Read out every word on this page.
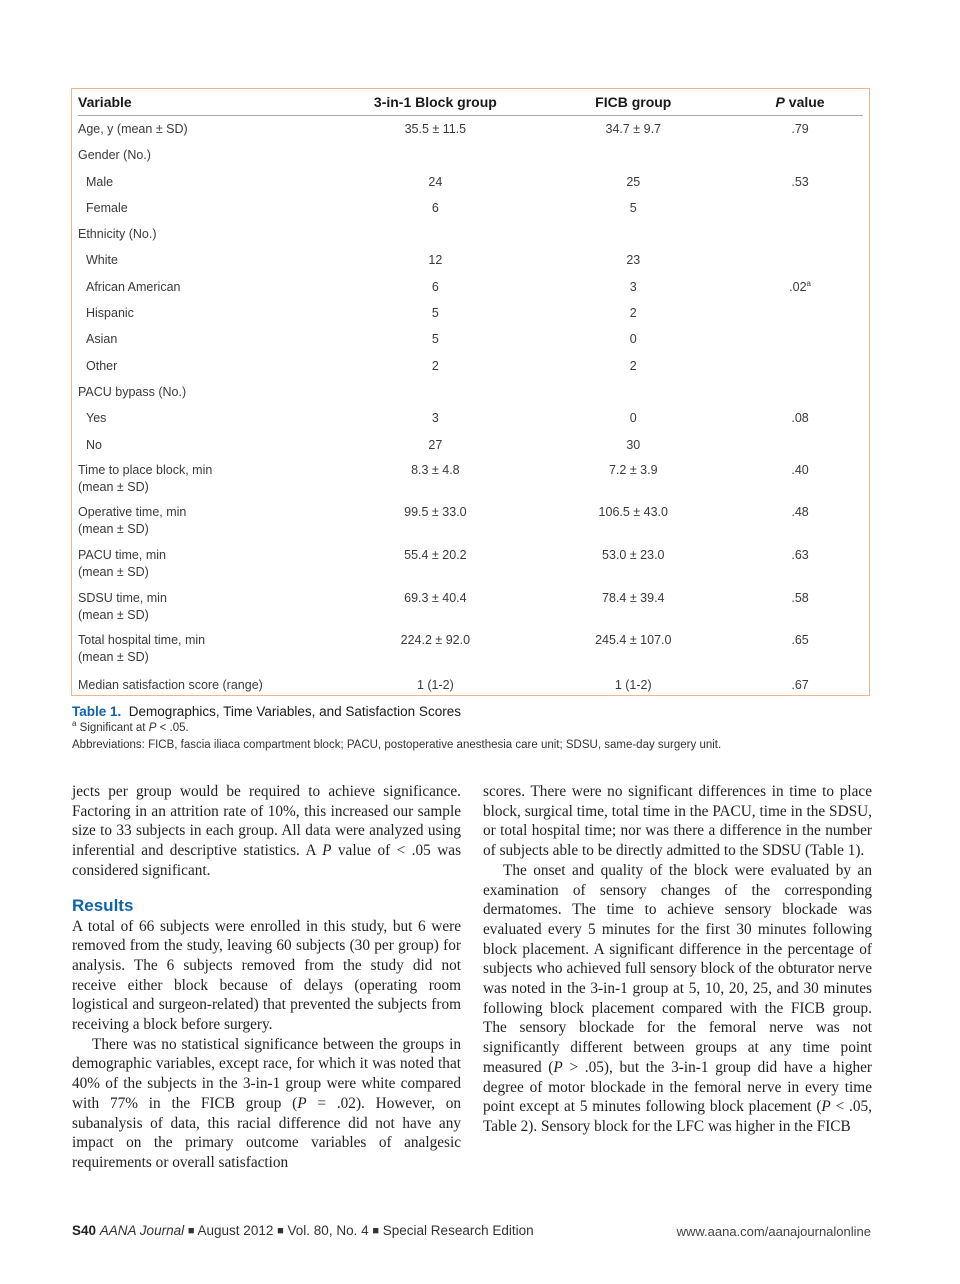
Variable	3-in-1 Block group	FICB group	P value
Age, y (mean ± SD)	35.5 ± 11.5	34.7 ± 9.7	.79
Gender (No.)			
Male	24	25	.53
Female	6	5	
Ethnicity (No.)			
White	12	23	
African American	6	3	.02$^a$
Hispanic	5	2	
Asian	5	0	
Other	2	2	
PACU bypass (No.)			
Yes	3	0	.08
No	27	30	
Time to place block, min
(mean ± SD)	8.3 ± 4.8	7.2 ± 3.9	.40
Operative time, min
(mean ± SD)	99.5 ± 33.0	106.5 ± 43.0	.48
PACU time, min
(mean ± SD)	55.4 ± 20.2	53.0 ± 23.0	.63
SDSU time, min
(mean ± SD)	69.3 ± 40.4	78.4 ± 39.4	.58
Total hospital time, min
(mean ± SD)	224.2 ± 92.0	245.4 ± 107.0	.65
Median satisfaction score (range)	1 (1-2)	1 (1-2)	.67
Table 1. Demographics, Time Variables, and Satisfaction Scores
$^a$ Significant at P < .05.
Abbreviations: FICB, fascia iliaca compartment block; PACU, postoperative anesthesia care unit; SDSU, same-day surgery unit.

jects per group would be required to achieve significance. Factoring in an attrition rate of 10%, this increased our sample size to 33 subjects in each group. All data were analyzed using inferential and descriptive statistics. A P value of < .05 was considered significant.

Results

A total of 66 subjects were enrolled in this study, but 6 were removed from the study, leaving 60 subjects (30 per group) for analysis. The 6 subjects removed from the study did not receive either block because of delays (operating room logistical and surgeon-related) that prevented the subjects from receiving a block before surgery.

There was no statistical significance between the groups in demographic variables, except race, for which it was noted that 40% of the subjects in the 3-in-1 group were white compared with 77% in the FICB group (P = .02). However, on subanalysis of data, this racial difference did not have any impact on the primary outcome variables of analgesic requirements or overall satisfaction

scores. There were no significant differences in time to place block, surgical time, total time in the PACU, time in the SDSU, or total hospital time; nor was there a difference in the number of subjects able to be directly admitted to the SDSU (Table 1).

The onset and quality of the block were evaluated by an examination of sensory changes of the corresponding dermatomes. The time to achieve sensory blockade was evaluated every 5 minutes for the first 30 minutes following block placement. A significant difference in the percentage of subjects who achieved full sensory block of the obturator nerve was noted in the 3-in-1 group at 5, 10, 20, 25, and 30 minutes following block placement compared with the FICB group. The sensory blockade for the femoral nerve was not significantly different between groups at any time point measured (P > .05), but the 3-in-1 group did have a higher degree of motor blockade in the femoral nerve in every time point except at 5 minutes following block placement (P < .05, Table 2). Sensory block for the LFC was higher in the FICB

S40 AANA Journal ■ August 2012 ■ Vol. 80, No. 4 ■ Special Research Edition	www.aana.com/aanajournalonline
